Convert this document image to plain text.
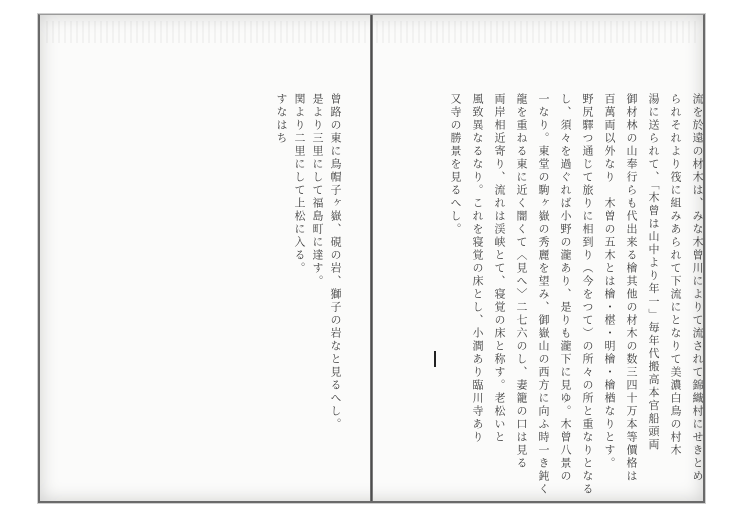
流を於遠の材木は、みな木曾川によりて流されて錦織村にせきとめ
られそれより筏に組みあられて下流にとなりて美濃白鳥の村木
湯に送られて、「木曾は山中より年一」毎年代搬高本官船頭両
御材林の山奉行らも代出来る檜其他の材木の数三四十万本等價格は
百萬両以外なり　木曽の五木とは檜・椹・明檜・檜楢なりとす。
野尻驛つ通じて旅りに相到り（今をつて）の所々の所と重なりとなる
し、須々を過ぐれば小野の瀧あり、是りも瀧下に見ゆ。木曾八景の
一なり。東堂の駒ヶ嶽の秀麗を望み、御嶽山の西方に向ふ時一き鈍く
龍を重ねる東に近く闇くて〈見へ〉二七六のし、妻籠の口は見る
両岸相近寄り、流れは渓峡とて、寝覚の床と称す。老松いと
風致異なるなり。これを寝覚の床とし、小澗あり臨川寺あり
又寺の勝景を見るへし。
曾路の東に鳥帽子ヶ嶽、硯の岩、獅子の岩なと見るへし。
是より三里にして福島町に達す。
関より二里にして上松に入る。
すなはち
